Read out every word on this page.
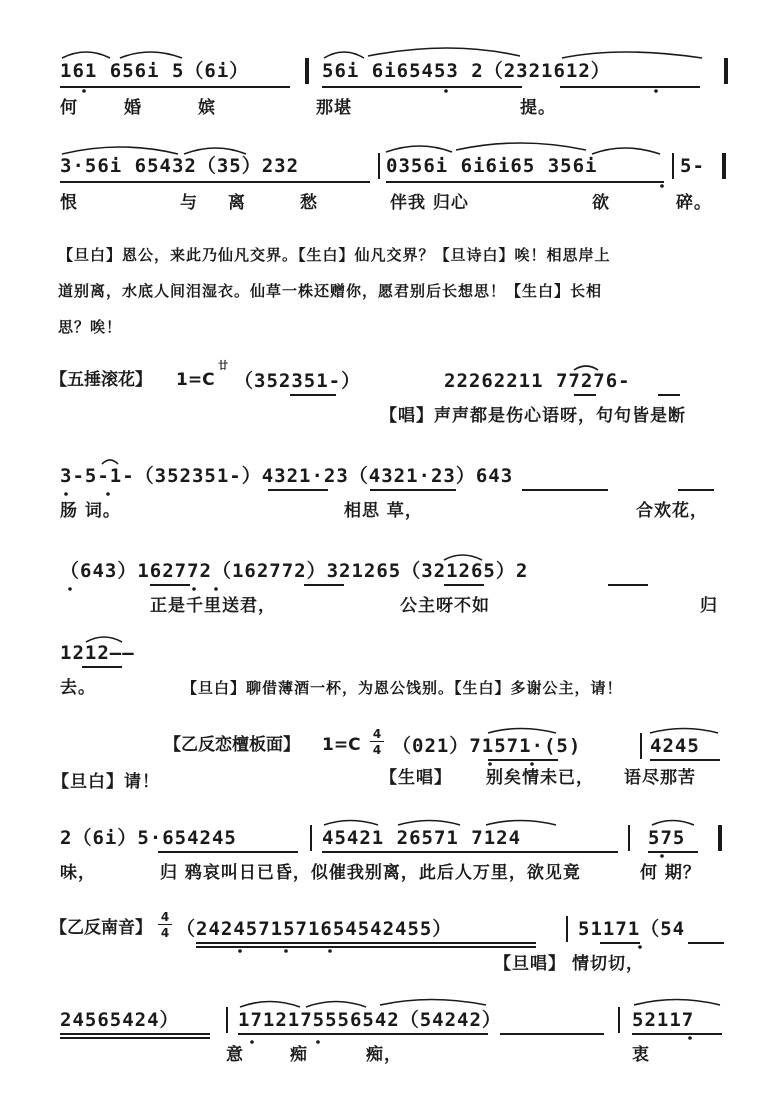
161 656i 5（6i）	56i 6i65453 2（2321612）
何	婚	嫔	那堪	提。
3·56i 65432（35）232	0356i 6i6i65 356i	5-
恨	与 离	愁	伴我 归心	欲	碎。
【旦白】恩公，来此乃仙凡交界。【生白】仙凡交界？【旦诗白】唉！相思岸上
道别离，水底人间泪湿衣。仙草一株还赠你，愿君别后长想思！【生白】长相
思？唉！
【五捶滚花】 1=C
廿
（352351-）	22262211 77276-
【唱】声声都是伤心语呀，句句皆是断
3-5-1-（352351-）4321·23（4321·23）643
肠 词。	相思 草，	合欢花，
（643）162772（162772）321265（321265）2
正是千里送君，	公主呀不如	归
1212——
去。	【旦白】聊借薄酒一杯，为恩公饯别。【生白】多谢公主，请！
【乙反恋檀板面】 1=C
4
4 （021）71571·(5)	4245
【旦白】请！	【生唱】 别矣情未已， 语尽那苦
2（6i）5·654245	45421 26571 7124	575
味，	归 鸦哀叫日已昏，似催我别离，此后人万里，欲见竟	何 期？
【乙反南音】
4
4 （2424571571654542455）	51171（54
【旦唱】 情切切，
24565424）	1712175556542（54242）	52117
意	痴	痴，	衷
